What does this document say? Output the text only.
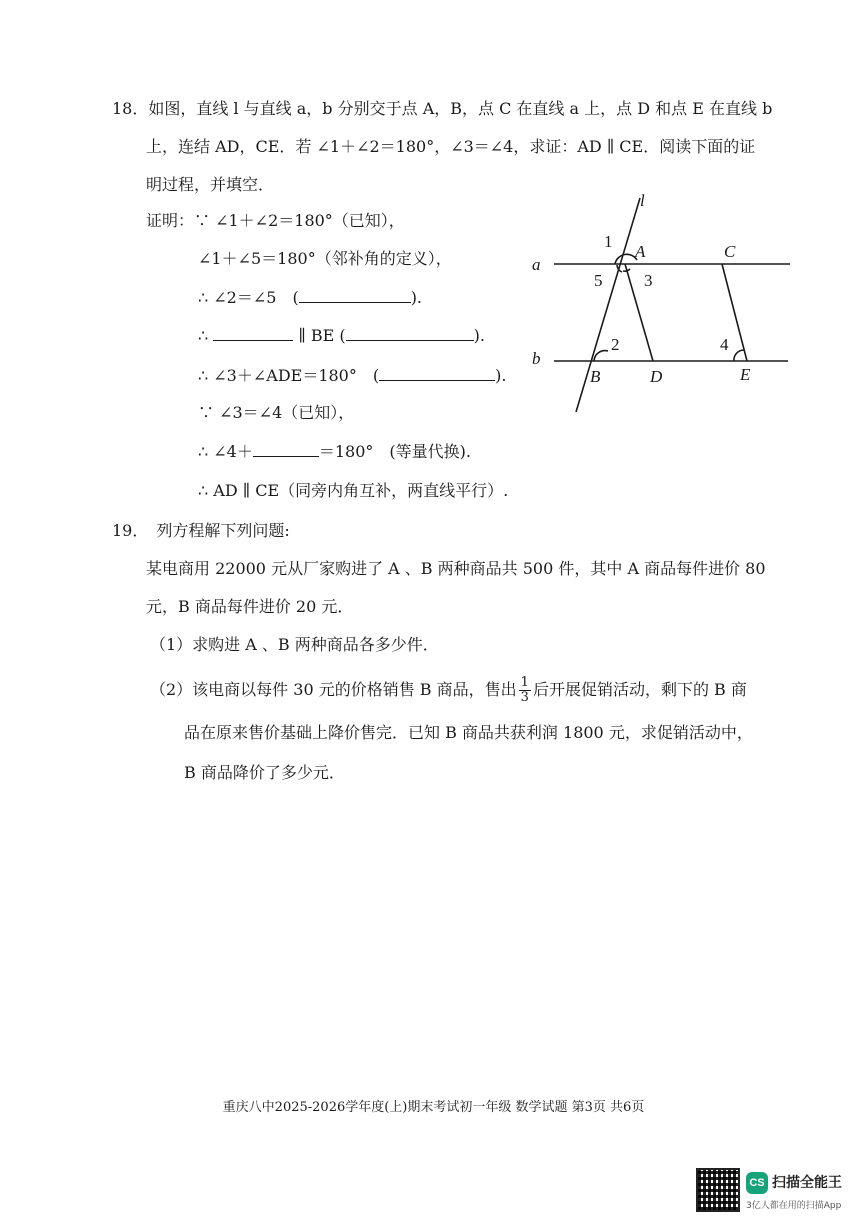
18．如图，直线 l 与直线 a，b 分别交于点 A，B，点 C 在直线 a 上，点 D 和点 E 在直线 b
上，连结 AD，CE．若 ∠1＋∠2＝180°，∠3＝∠4，求证：AD ∥ CE．阅读下面的证
明过程，并填空．
证明：∵ ∠1＋∠2＝180°（已知），
∠1＋∠5＝180°（邻补角的定义），
∴ ∠2＝∠5　(	).
∴	∥ BE (	).
∴ ∠3＋∠ADE＝180°　(	).
∵ ∠3＝∠4（已知），
∴ ∠4＋	＝180°　(等量代换).
∴ AD ∥ CE（同旁内角互补，两直线平行）.
l
a
b
A	C
B	D	E
1
5 3
2	4
19．　列方程解下列问题:
某电商用 22000 元从厂家购进了 A 、B 两种商品共 500 件，其中 A 商品每件进价 80
元，B 商品每件进价 20 元．
（1）求购进 A 、B 两种商品各多少件．
（2）该电商以每件 30 元的价格销售 B 商品，售出 $\frac{1}{3}$ 后开展促销活动，剩下的 B 商
品在原来售价基础上降价售完．已知 B 商品共获利润 1800 元，求促销活动中，
B 商品降价了多少元．
重庆八中2025-2026学年度(上)期末考试初一年级 数学试题 第3页 共6页
CS 扫描全能王
3亿人都在用的扫描App
